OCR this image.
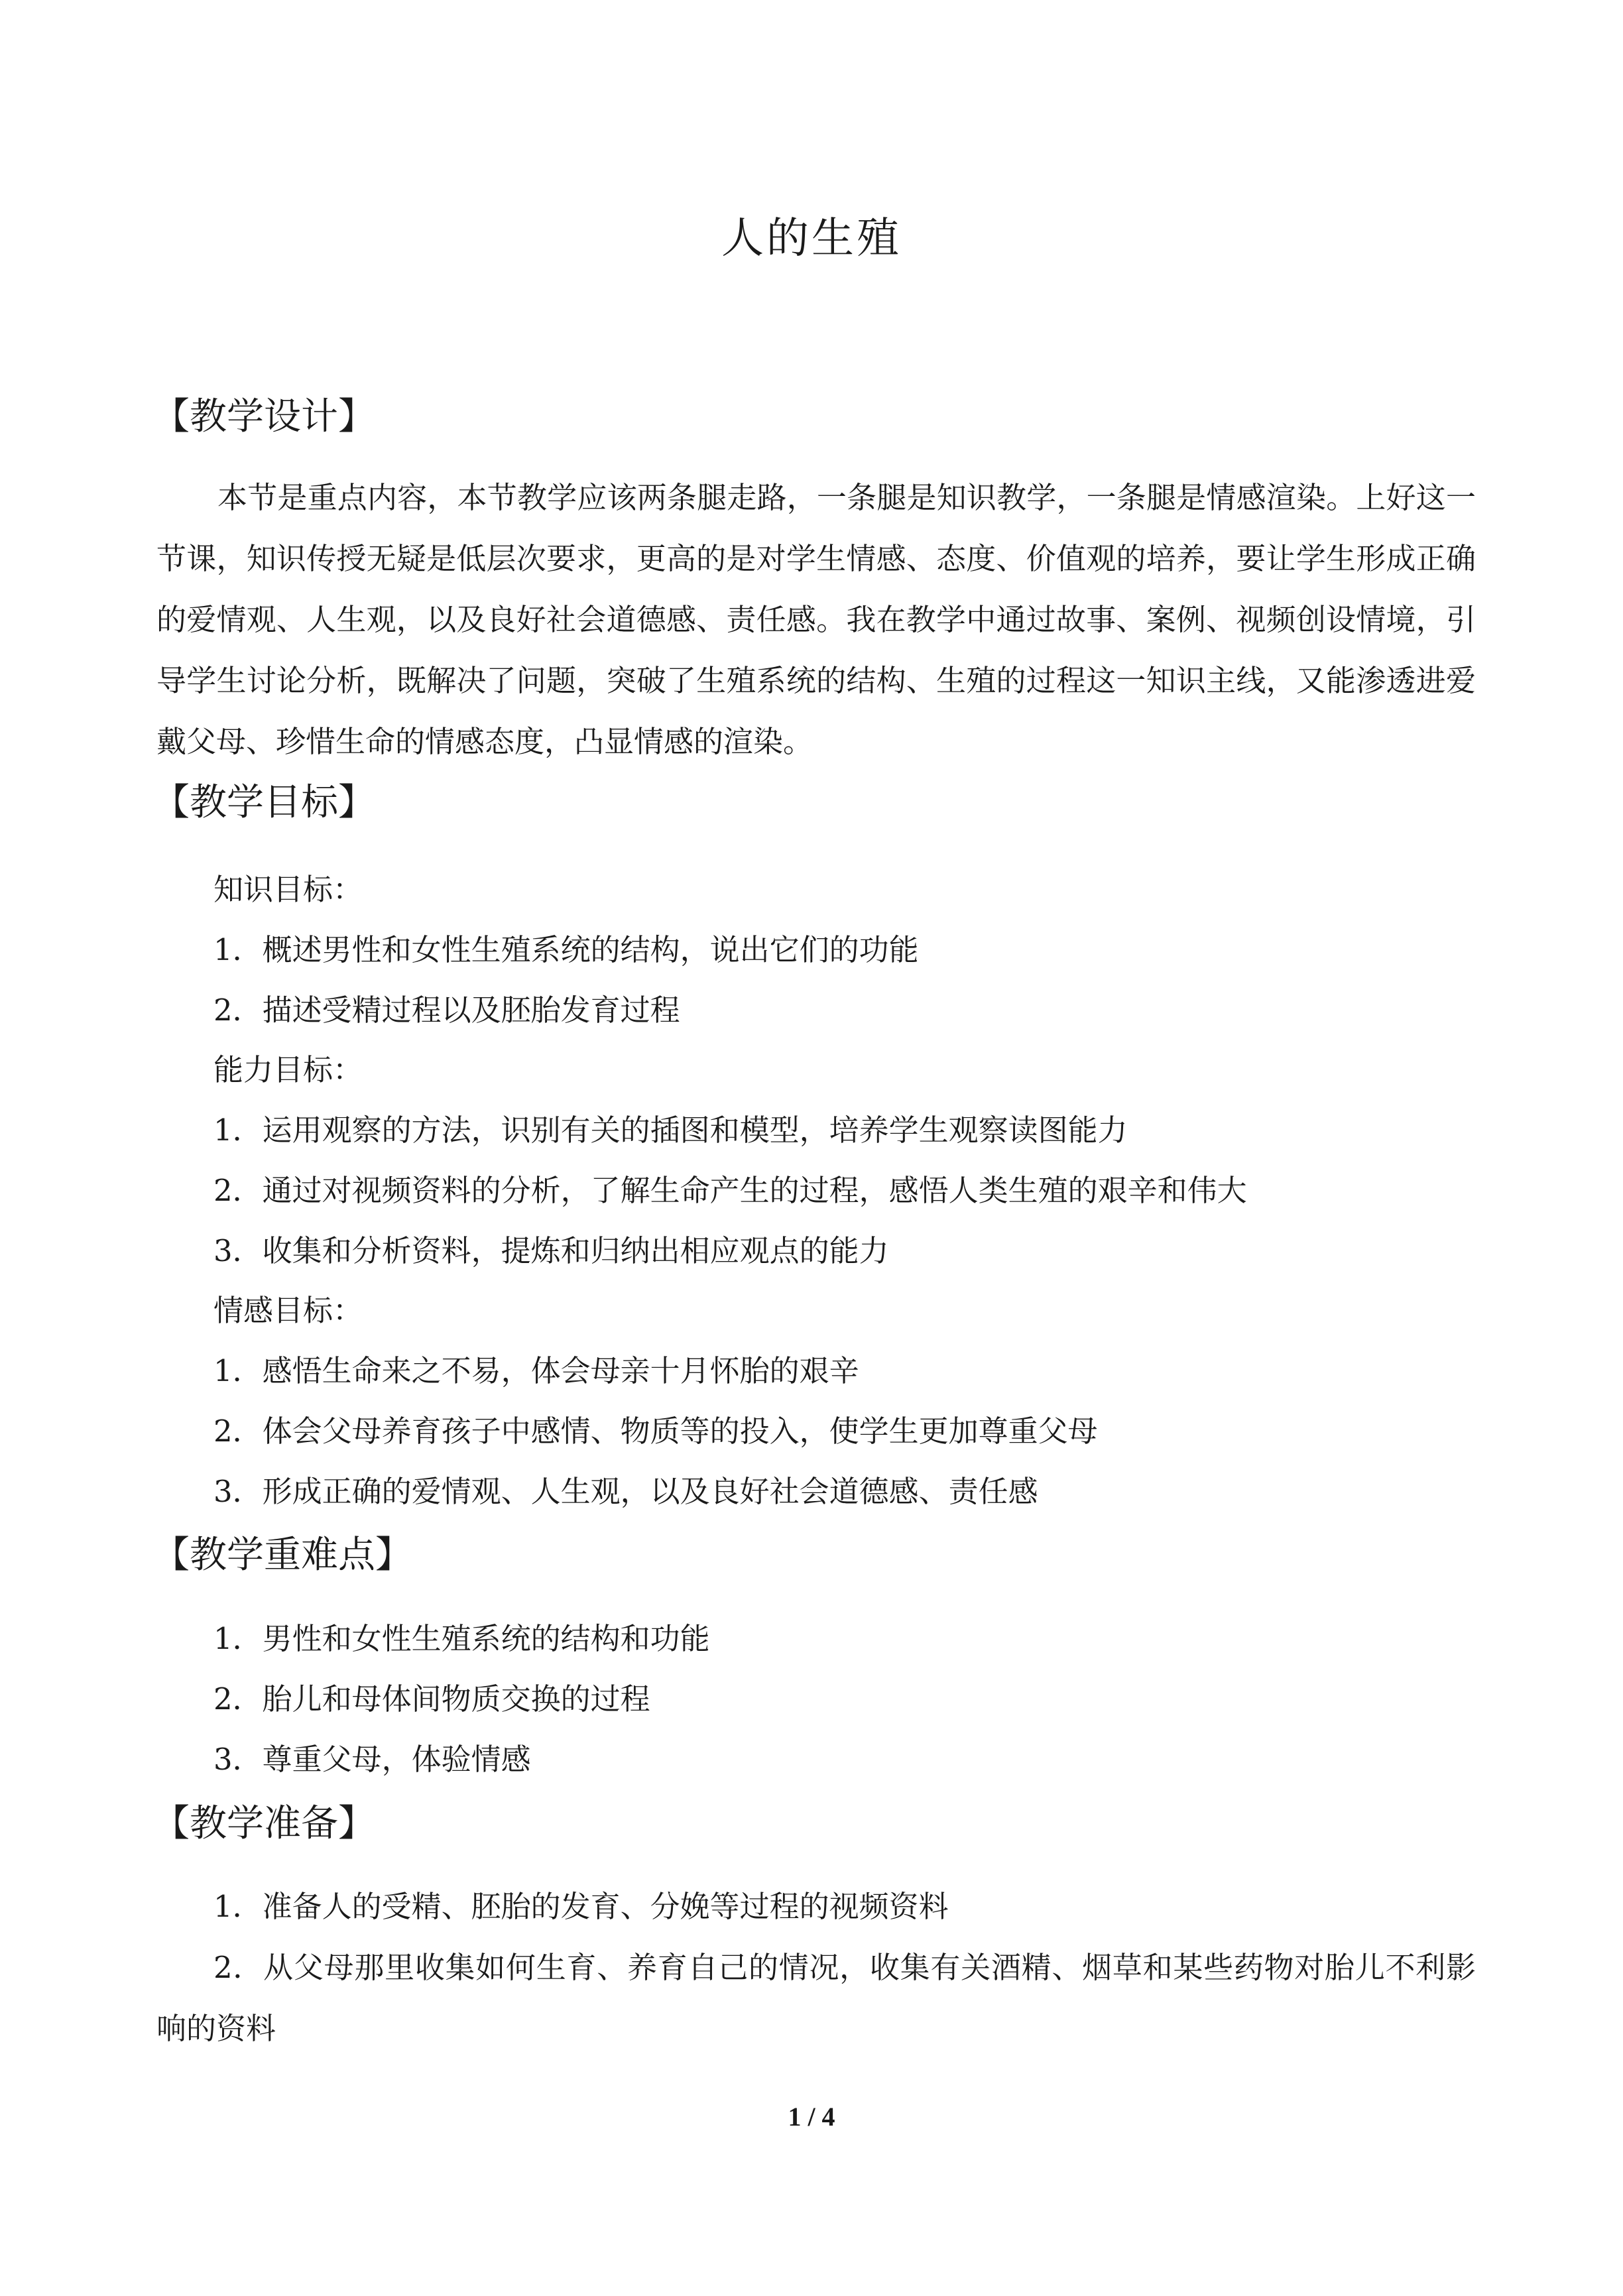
人的生殖
【教学设计】
本节是重点内容，本节教学应该两条腿走路，一条腿是知识教学，一条腿是情感渲染。上好这一节课，知识传授无疑是低层次要求，更高的是对学生情感、态度、价值观的培养，要让学生形成正确的爱情观、人生观，以及良好社会道德感、责任感。我在教学中通过故事、案例、视频创设情境，引导学生讨论分析，既解决了问题，突破了生殖系统的结构、生殖的过程这一知识主线，又能渗透进爱戴父母、珍惜生命的情感态度，凸显情感的渲染。
【教学目标】
知识目标：
1．概述男性和女性生殖系统的结构，说出它们的功能
2．描述受精过程以及胚胎发育过程
能力目标：
1．运用观察的方法，识别有关的插图和模型，培养学生观察读图能力
2．通过对视频资料的分析，了解生命产生的过程，感悟人类生殖的艰辛和伟大
3．收集和分析资料，提炼和归纳出相应观点的能力
情感目标：
1．感悟生命来之不易，体会母亲十月怀胎的艰辛
2．体会父母养育孩子中感情、物质等的投入，使学生更加尊重父母
3．形成正确的爱情观、人生观，以及良好社会道德感、责任感
【教学重难点】
1．男性和女性生殖系统的结构和功能
2．胎儿和母体间物质交换的过程
3．尊重父母，体验情感
【教学准备】
1．准备人的受精、胚胎的发育、分娩等过程的视频资料
2．从父母那里收集如何生育、养育自己的情况，收集有关酒精、烟草和某些药物对胎儿不利影响的资料
1 / 4
